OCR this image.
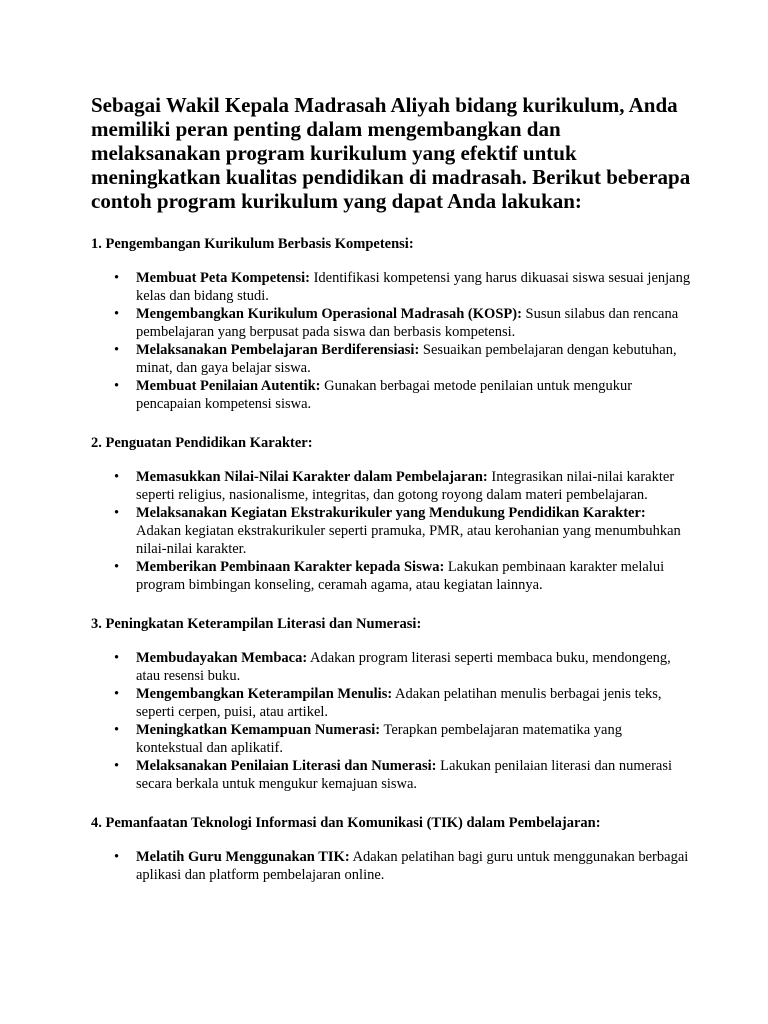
Sebagai Wakil Kepala Madrasah Aliyah bidang kurikulum, Anda memiliki peran penting dalam mengembangkan dan melaksanakan program kurikulum yang efektif untuk meningkatkan kualitas pendidikan di madrasah. Berikut beberapa contoh program kurikulum yang dapat Anda lakukan:

1. Pengembangan Kurikulum Berbasis Kompetensi:

• Membuat Peta Kompetensi: Identifikasi kompetensi yang harus dikuasai siswa sesuai jenjang kelas dan bidang studi.
• Mengembangkan Kurikulum Operasional Madrasah (KOSP): Susun silabus dan rencana pembelajaran yang berpusat pada siswa dan berbasis kompetensi.
• Melaksanakan Pembelajaran Berdiferensiasi: Sesuaikan pembelajaran dengan kebutuhan, minat, dan gaya belajar siswa.
• Membuat Penilaian Autentik: Gunakan berbagai metode penilaian untuk mengukur pencapaian kompetensi siswa.

2. Penguatan Pendidikan Karakter:

• Memasukkan Nilai-Nilai Karakter dalam Pembelajaran: Integrasikan nilai-nilai karakter seperti religius, nasionalisme, integritas, dan gotong royong dalam materi pembelajaran.
• Melaksanakan Kegiatan Ekstrakurikuler yang Mendukung Pendidikan Karakter: Adakan kegiatan ekstrakurikuler seperti pramuka, PMR, atau kerohanian yang menumbuhkan nilai-nilai karakter.
• Memberikan Pembinaan Karakter kepada Siswa: Lakukan pembinaan karakter melalui program bimbingan konseling, ceramah agama, atau kegiatan lainnya.

3. Peningkatan Keterampilan Literasi dan Numerasi:

• Membudayakan Membaca: Adakan program literasi seperti membaca buku, mendongeng, atau resensi buku.
• Mengembangkan Keterampilan Menulis: Adakan pelatihan menulis berbagai jenis teks, seperti cerpen, puisi, atau artikel.
• Meningkatkan Kemampuan Numerasi: Terapkan pembelajaran matematika yang kontekstual dan aplikatif.
• Melaksanakan Penilaian Literasi dan Numerasi: Lakukan penilaian literasi dan numerasi secara berkala untuk mengukur kemajuan siswa.

4. Pemanfaatan Teknologi Informasi dan Komunikasi (TIK) dalam Pembelajaran:

• Melatih Guru Menggunakan TIK: Adakan pelatihan bagi guru untuk menggunakan berbagai aplikasi dan platform pembelajaran online.
